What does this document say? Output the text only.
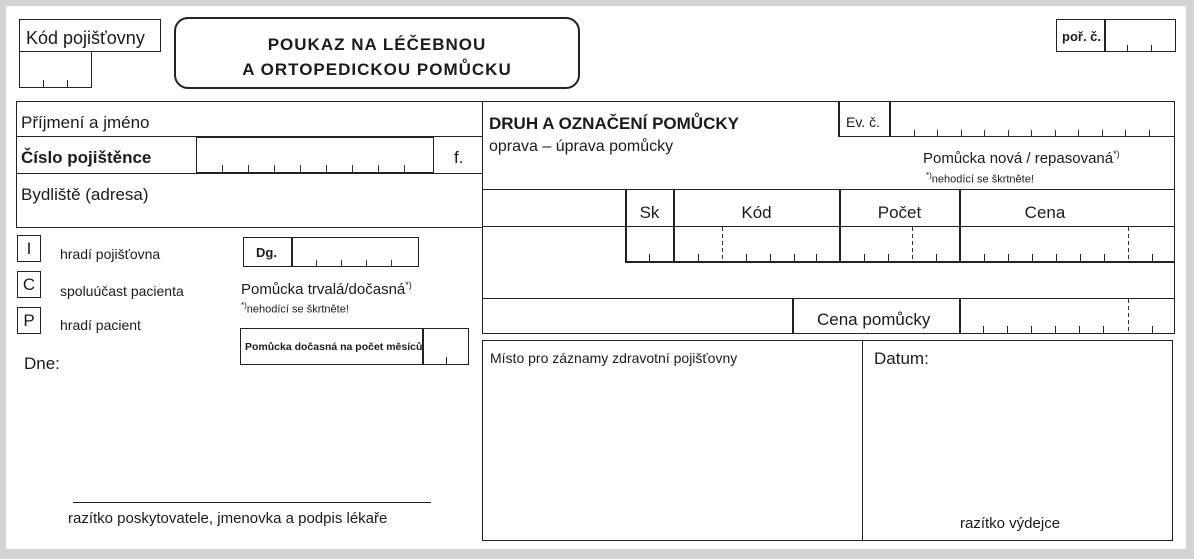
Kód pojišťovny	POUKAZ NA LÉČEBNOU
A ORTOPEDICKOU POMŮCKU
poř. č.
Příjmení a jméno
Číslo pojištěnce	f.
Bydliště (adresa)
I	hradí pojišťovna
C	spoluúčast pacienta
P	hradí pacient
Dg.
Pomůcka trvalá/dočasná*)
*)nehodící se škrtněte!
Pomůcka dočasná na počet měsíců
Dne:
razítko poskytovatele, jmenovka a podpis lékaře
DRUH A OZNAČENÍ POMŮCKY	Ev. č.
oprava – úprava pomůcky
Pomůcka nová / repasovaná*)
*)nehodící se škrtněte!
Sk	Kód	Počet	Cena
Cena pomůcky
Místo pro záznamy zdravotní pojišťovny	Datum:
razítko výdejce
